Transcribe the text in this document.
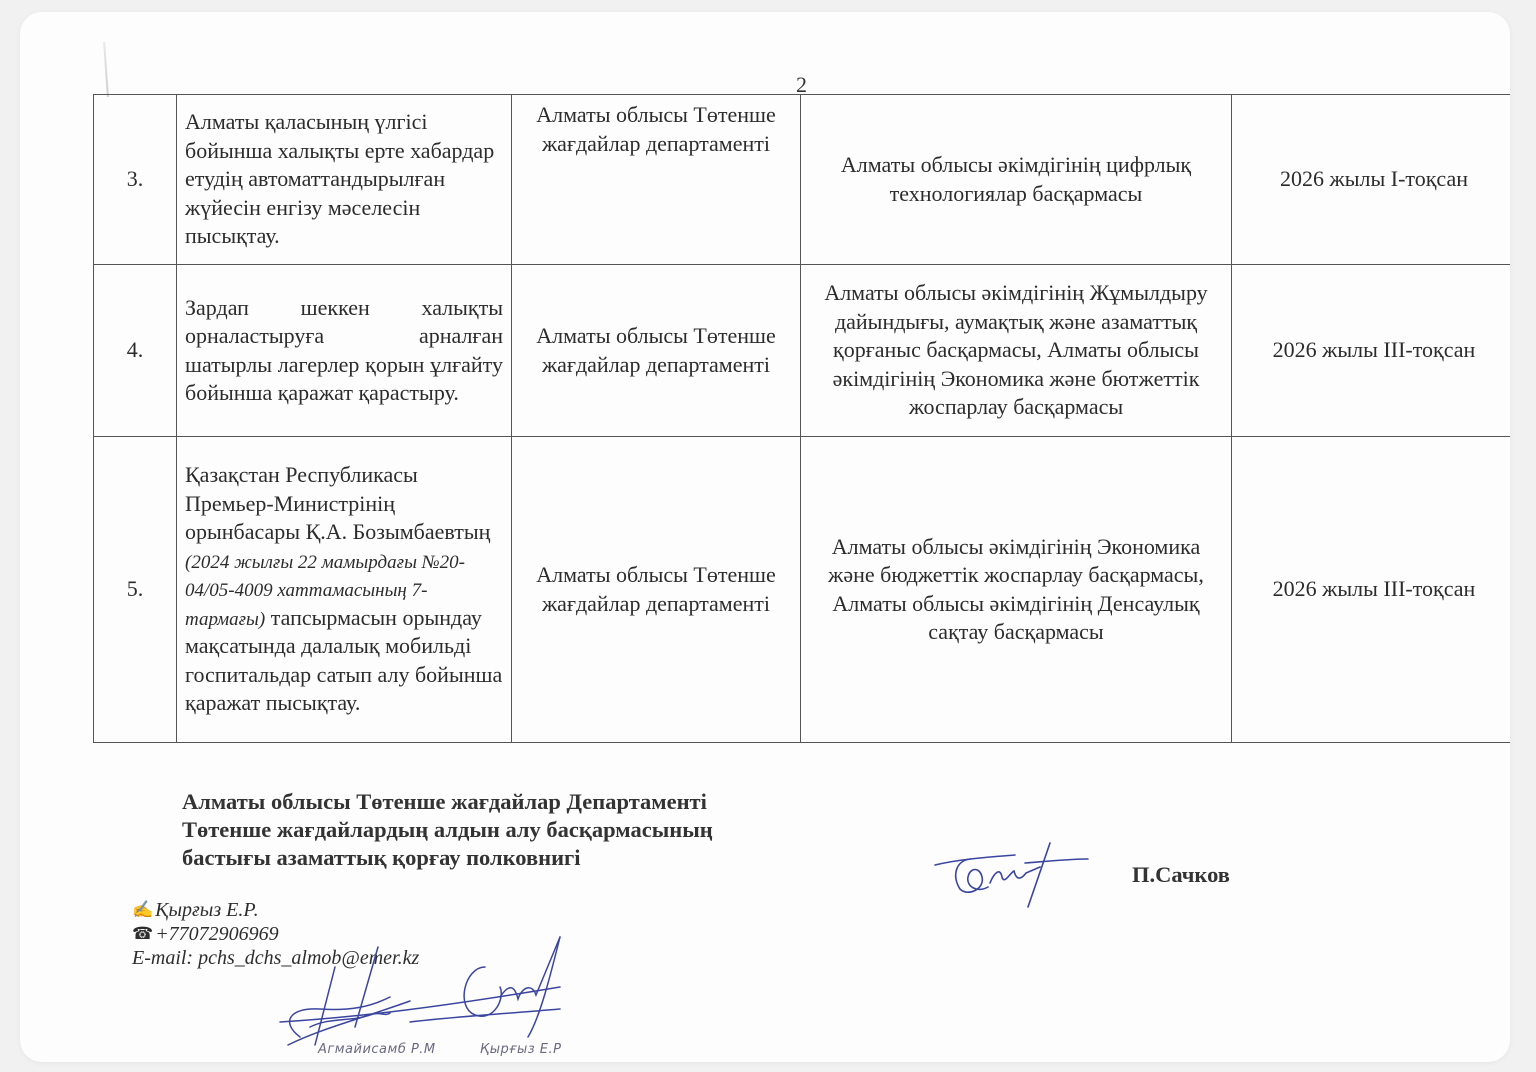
2
3.	Алматы қаласының үлгісі бойынша халықты ерте хабардар етудің автоматтандырылған жүйесін енгізу мәселесін пысықтау.	Алматы облысы Төтенше жағдайлар департаменті	Алматы облысы әкімдігінің цифрлық технологиялар басқармасы	2026 жылы І-тоқсан
4.	Зардап шеккен халықты орналастыруға арналған шатырлы лагерлер қорын ұлғайту бойынша қаражат қарастыру.	Алматы облысы Төтенше жағдайлар департаменті	Алматы облысы әкімдігінің Жұмылдыру дайындығы, аумақтық және азаматтық қорғаныс басқармасы, Алматы облысы әкімдігінің Экономика және бютжеттік жоспарлау басқармасы	2026 жылы ІІІ-тоқсан
5.	Қазақстан Республикасы Премьер-Министрінің орынбасары Қ.А. Бозымбаевтың (2024 жылғы 22 мамырдағы №20-04/05-4009 хаттамасының 7-тармағы) тапсырмасын орындау мақсатында далалық мобильді госпитальдар сатып алу бойынша қаражат пысықтау.	Алматы облысы Төтенше жағдайлар департаменті	Алматы облысы әкімдігінің Экономика және бюджеттік жоспарлау басқармасы, Алматы облысы әкімдігінің Денсаулық сақтау басқармасы	2026 жылы ІІІ-тоқсан
Алматы облысы Төтенше жағдайлар Департаменті
Төтенше жағдайлардың алдын алу басқармасының
бастығы азаматтық қорғау полковнигі
П.Сачков
✍ Қырғыз Е.Р.
☎ +77072906969
E-mail:
pchs_dchs_almob@emer.kz
Агмайисамб Р.М	Қырғыз Е.Р
